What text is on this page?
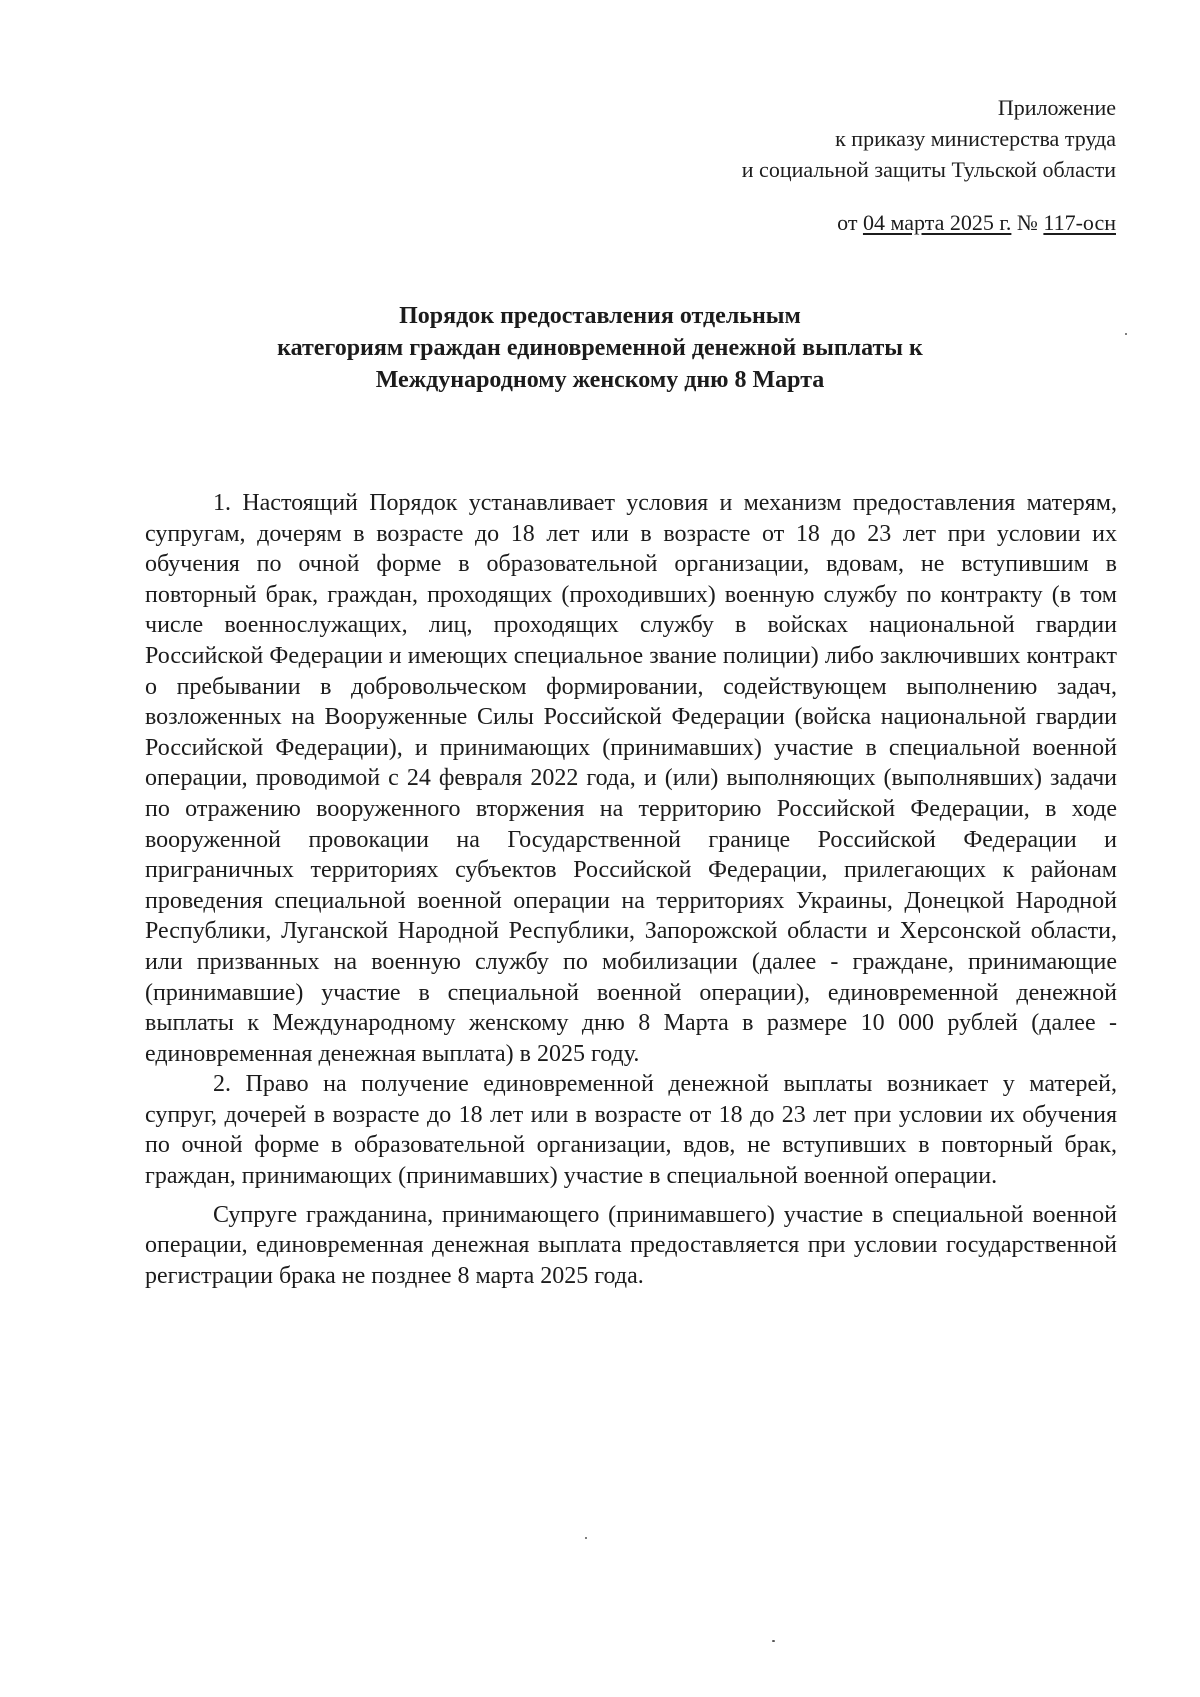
Приложение
к приказу министерства труда
и социальной защиты Тульской области
от 04 марта 2025 г. № 117-осн
Порядок предоставления отдельным
категориям граждан единовременной денежной выплаты к
Международному женскому дню 8 Марта

1. Настоящий Порядок устанавливает условия и механизм предоставления матерям, супругам, дочерям в возрасте до 18 лет или в возрасте от 18 до 23 лет при условии их обучения по очной форме в образовательной организации, вдовам, не вступившим в повторный брак, граждан, проходящих (проходивших) военную службу по контракту (в том числе военнослужащих, лиц, проходящих службу в войсках национальной гвардии Российской Федерации и имеющих специальное звание полиции) либо заключивших контракт о пребывании в добровольческом формировании, содействующем выполнению задач, возложенных на Вооруженные Силы Российской Федерации (войска национальной гвардии Российской Федерации), и принимающих (принимавших) участие в специальной военной операции, проводимой с 24 февраля 2022 года, и (или) выполняющих (выполнявших) задачи по отражению вооруженного вторжения на территорию Российской Федерации, в ходе вооруженной провокации на Государственной границе Российской Федерации и приграничных территориях субъектов Российской Федерации, прилегающих к районам проведения специальной военной операции на территориях Украины, Донецкой Народной Республики, Луганской Народной Республики, Запорожской области и Херсонской области, или призванных на военную службу по мобилизации (далее - граждане, принимающие (принимавшие) участие в специальной военной операции), единовременной денежной выплаты к Международному женскому дню 8 Марта в размере 10 000 рублей (далее - единовременная денежная выплата) в 2025 году.

2. Право на получение единовременной денежной выплаты возникает у матерей, супруг, дочерей в возрасте до 18 лет или в возрасте от 18 до 23 лет при условии их обучения по очной форме в образовательной организации, вдов, не вступивших в повторный брак, граждан, принимающих (принимавших) участие в специальной военной операции.

Супруге гражданина, принимающего (принимавшего) участие в специальной военной операции, единовременная денежная выплата предоставляется при условии государственной регистрации брака не позднее 8 марта 2025 года.
